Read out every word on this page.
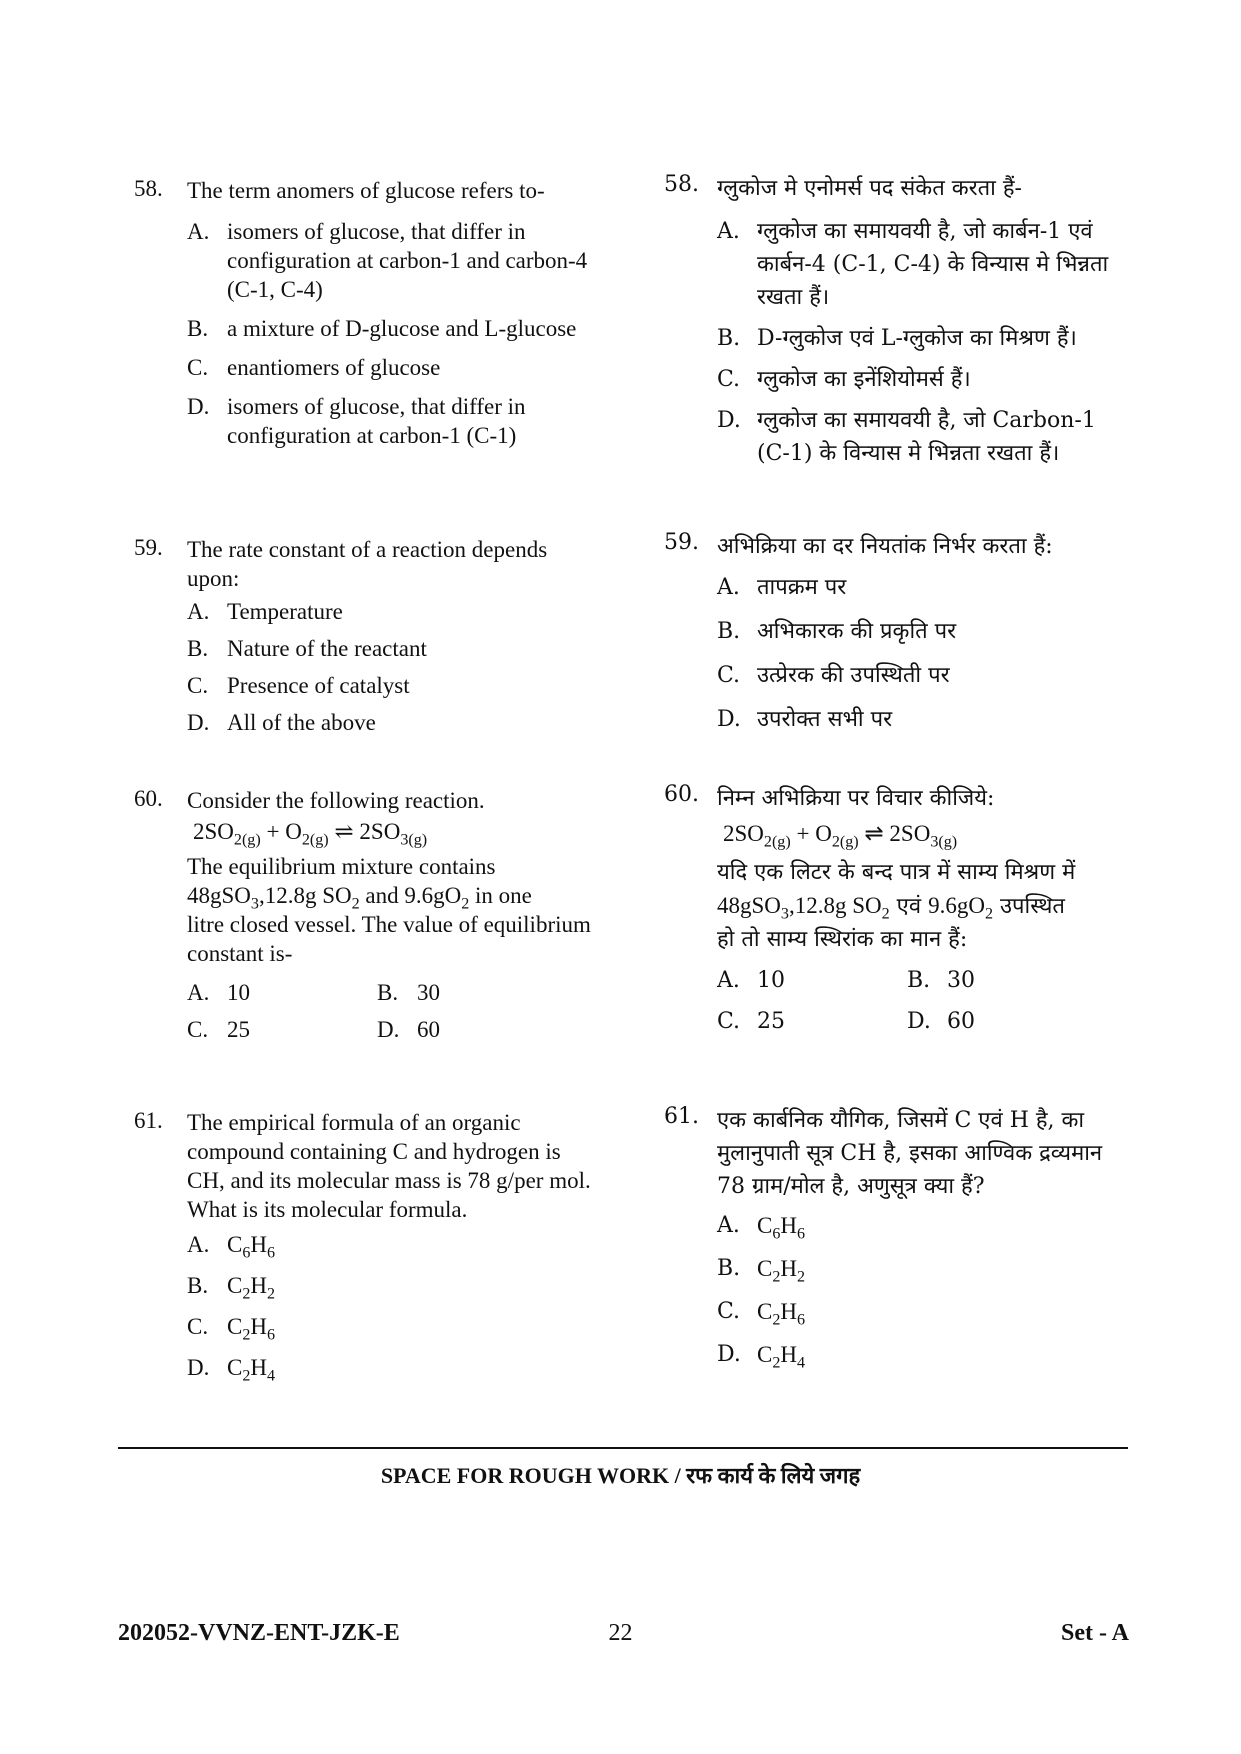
58. The term anomers of glucose refers to-
A. isomers of glucose, that differ in configuration at carbon-1 and carbon-4 (C-1, C-4)
B. a mixture of D-glucose and L-glucose
C. enantiomers of glucose
D. isomers of glucose, that differ in configuration at carbon-1 (C-1)
59. The rate constant of a reaction depends upon:
A. Temperature
B. Nature of the reactant
C. Presence of catalyst
D. All of the above
60. Consider the following reaction.
$2SO_{2(g)} + O_{2(g)}$ ⇌ $2SO_{3(g)}$
The equilibrium mixture contains
48gSO$_3$,12.8g $SO_2$ and $9.6gO_2$ in one
litre closed vessel. The value of equilibrium constant is-
A. 10	B. 30
C. 25	D. 60
61. The empirical formula of an organic compound containing C and hydrogen is CH, and its molecular mass is 78 g/per mol. What is its molecular formula.
A. $C_6H_6$
B. $C_2H_2$
C. $C_2H_6$
D. $C_2H_4$
58. ग्लुकोज मे एनोमर्स पद संकेत करता हैं-
A. ग्लुकोज का समायवयी है, जो कार्बन-1 एवं कार्बन-4 (C-1, C-4) के विन्यास मे भिन्नता रखता हैं।
B. D-ग्लुकोज एवं L-ग्लुकोज का मिश्रण हैं।
C. ग्लुकोज का इनेंशियोमर्स हैं।
D. ग्लुकोज का समायवयी है, जो Carbon-1 (C-1) के विन्यास मे भिन्नता रखता हैं।
59. अभिक्रिया का दर नियतांक निर्भर करता हैं:
A. तापक्रम पर
B. अभिकारक की प्रकृति पर
C. उत्प्रेरक की उपस्थिती पर
D. उपरोक्त सभी पर
60. निम्न अभिक्रिया पर विचार कीजिये:
$2SO_{2(g)} + O_{2(g)}$ ⇌ $2SO_{3(g)}$
यदि एक लिटर के बन्द पात्र में साम्य मिश्रण में
48gSO$_3$,12.8g $SO_2$ एवं $9.6gO_2$ उपस्थित
हो तो साम्य स्थिरांक का मान हैं:
A. 10	B. 30
C. 25	D. 60
61. एक कार्बनिक यौगिक, जिसमें C एवं H है, का मुलानुपाती सूत्र CH है, इसका आण्विक द्रव्यमान 78 ग्राम/मोल है, अणुसूत्र क्या हैं?
A. $C_6H_6$
B. $C_2H_2$
C. $C_2H_6$
D. $C_2H_4$
SPACE FOR ROUGH WORK / रफ कार्य के लिये जगह
202052-VVNZ-ENT-JZK-E	22	Set - A
